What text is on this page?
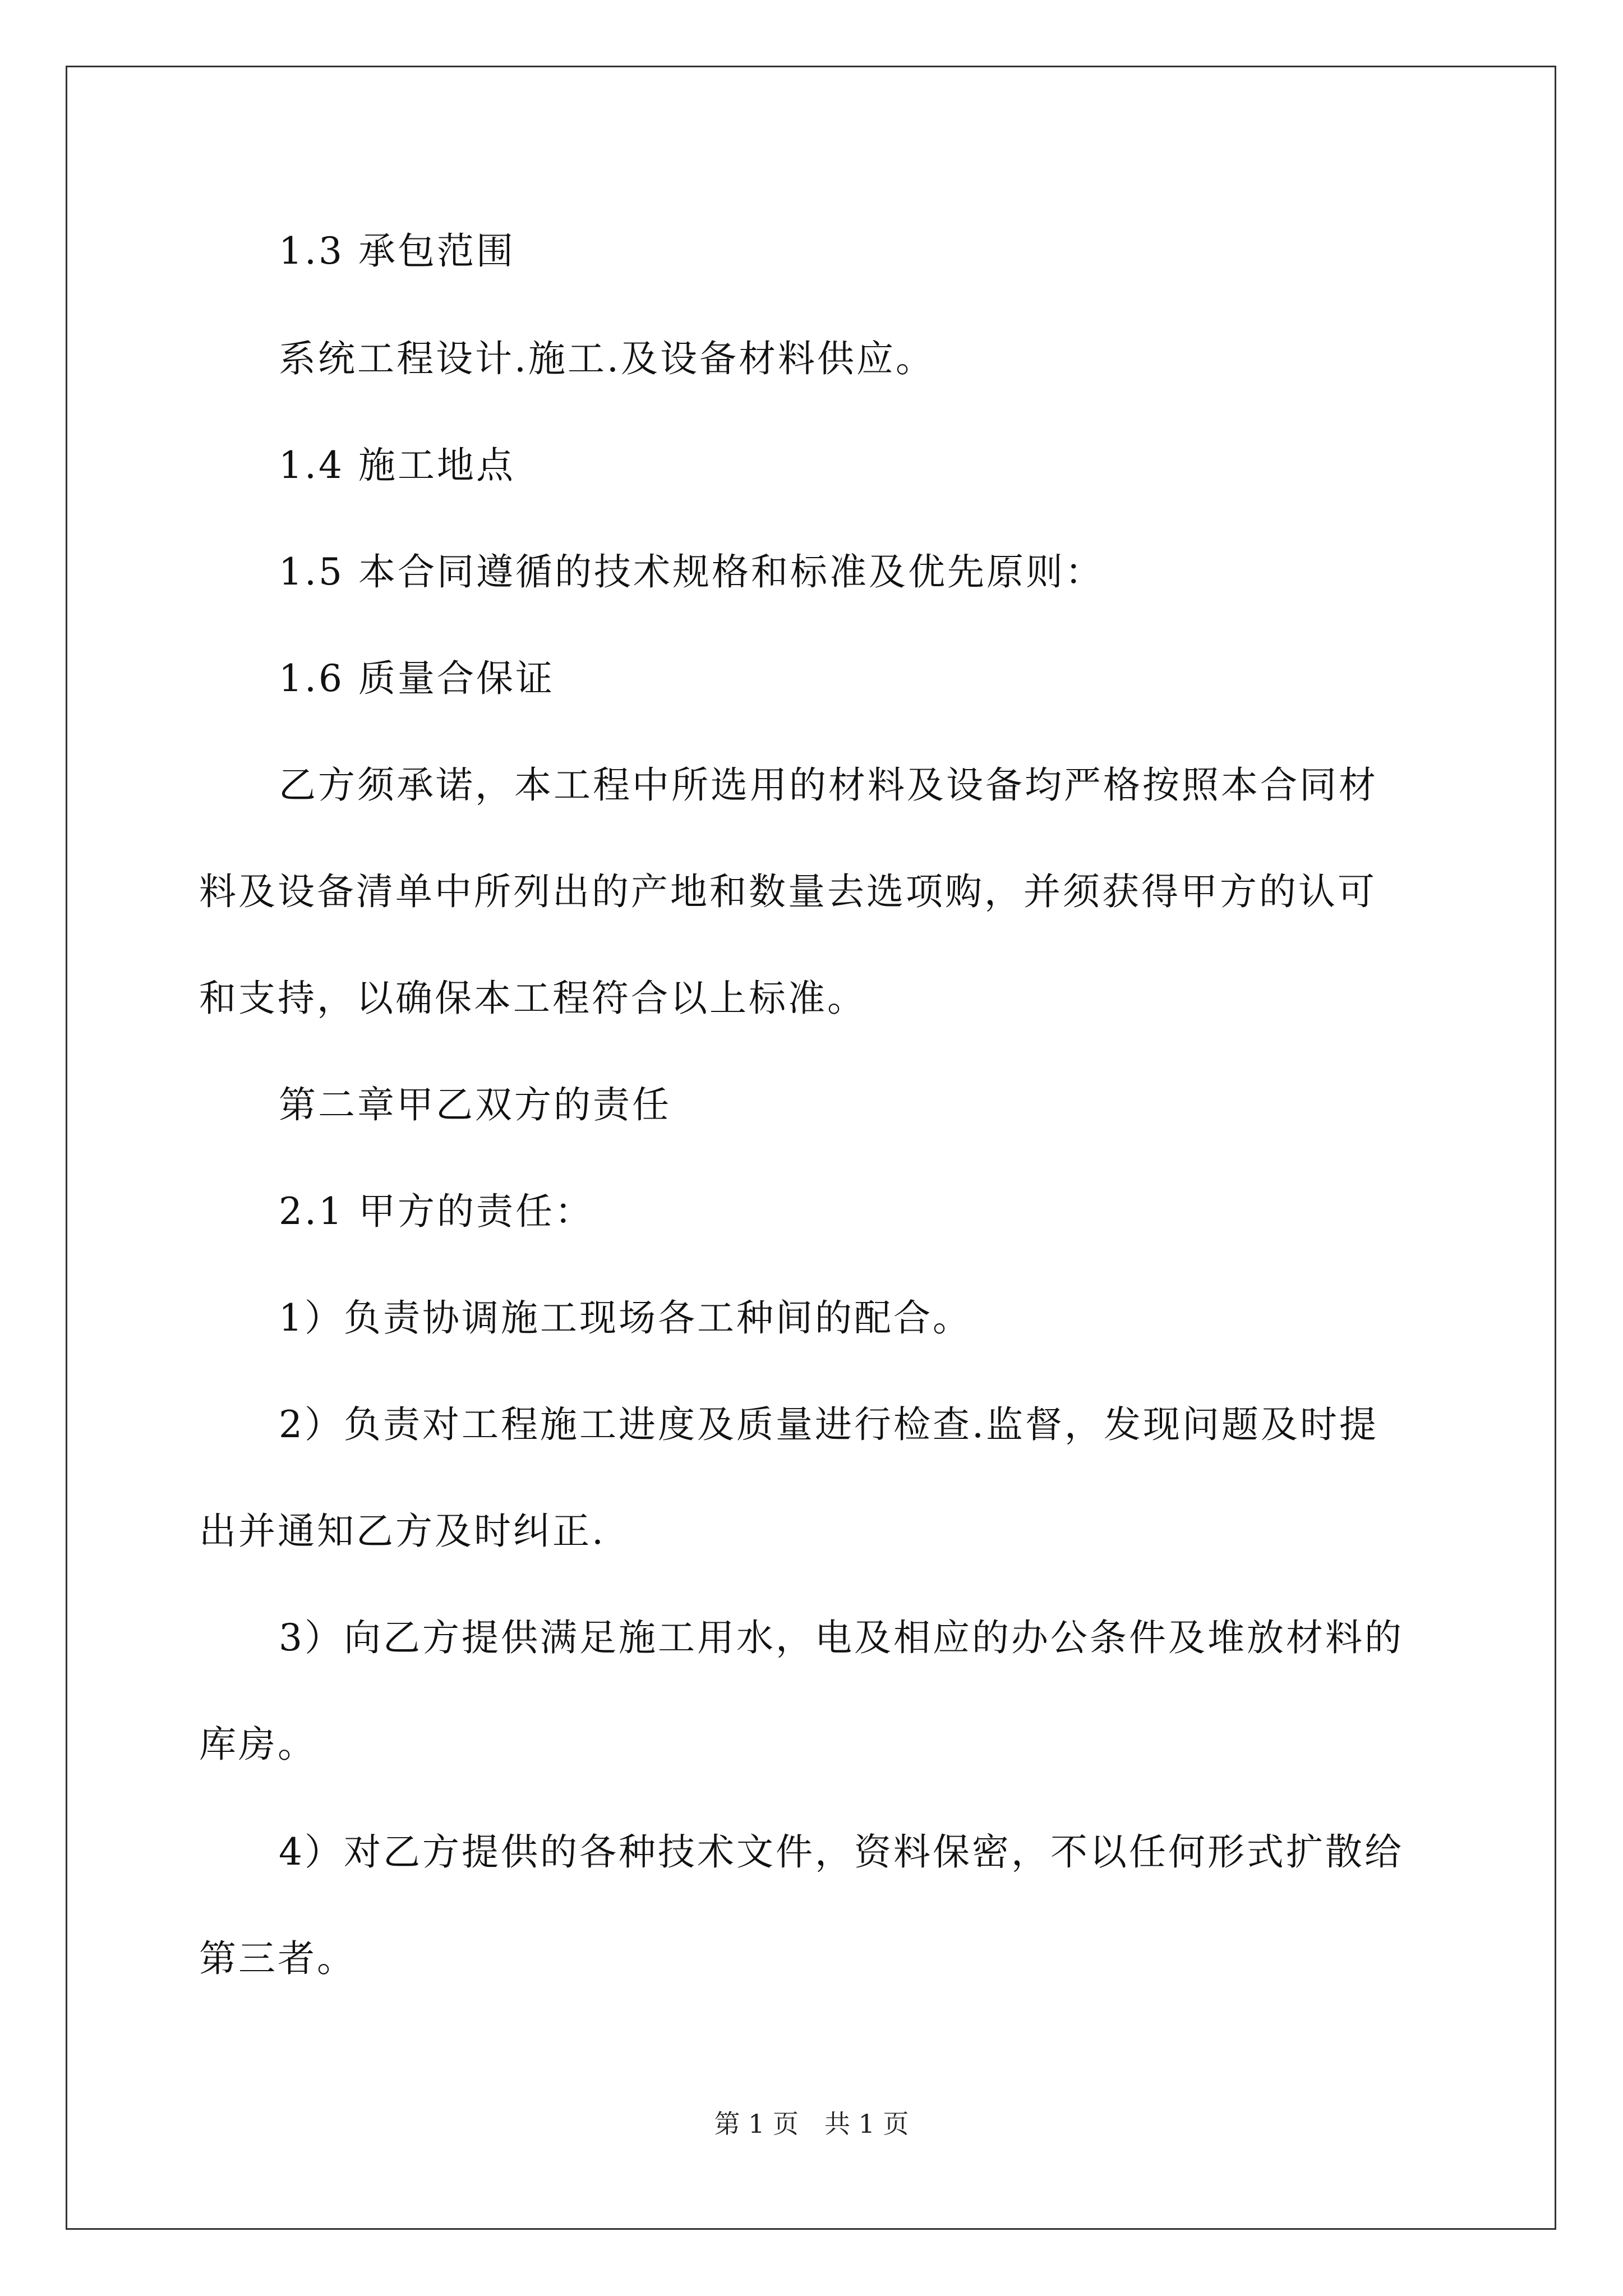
1.3 承包范围
系统工程设计.施工.及设备材料供应。
1.4 施工地点
1.5 本合同遵循的技术规格和标准及优先原则：
1.6 质量合保证
乙方须承诺，本工程中所选用的材料及设备均严格按照本合同材
料及设备清单中所列出的产地和数量去选项购，并须获得甲方的认可
和支持，以确保本工程符合以上标准。
第二章甲乙双方的责任
2.1 甲方的责任：
1）负责协调施工现场各工种间的配合。
2）负责对工程施工进度及质量进行检查.监督，发现问题及时提
出并通知乙方及时纠正.
3）向乙方提供满足施工用水，电及相应的办公条件及堆放材料的
库房。
4）对乙方提供的各种技术文件，资料保密，不以任何形式扩散给
第三者。
第 1 页　共 1 页
